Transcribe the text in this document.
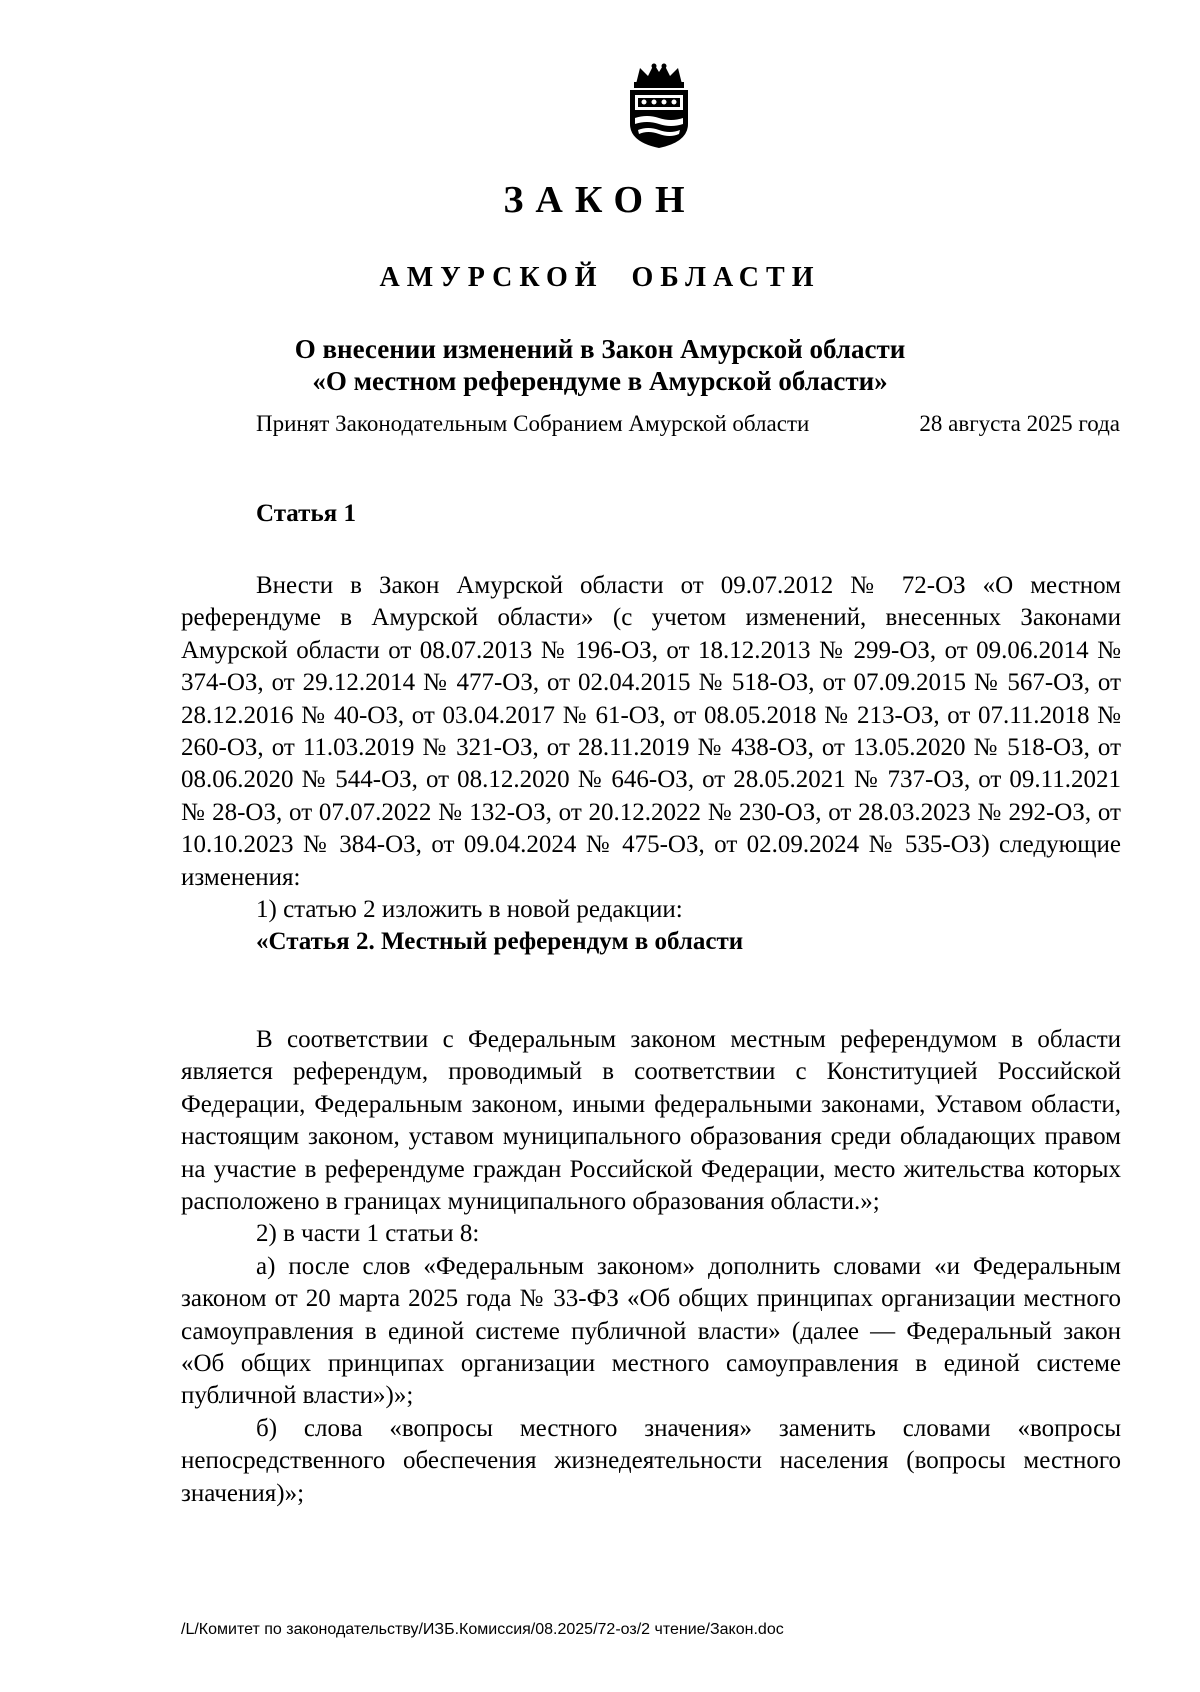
ЗАКОН
АМУРСКОЙ  ОБЛАСТИ
О внесении изменений в Закон Амурской области
«О местном референдуме в Амурской области»
Принят Законодательным Собранием Амурской области	28 августа 2025 года
Статья 1

Внести в Закон Амурской области от 09.07.2012 № 72-ОЗ «О местном референдуме в Амурской области» (с учетом изменений, внесенных Законами Амурской области от 08.07.2013 № 196-ОЗ, от 18.12.2013 № 299-ОЗ, от 09.06.2014 № 374-ОЗ, от 29.12.2014 № 477-ОЗ, от 02.04.2015 № 518-ОЗ, от 07.09.2015 № 567-ОЗ, от 28.12.2016 № 40-ОЗ, от 03.04.2017 № 61-ОЗ, от 08.05.2018 № 213-ОЗ, от 07.11.2018 № 260-ОЗ, от 11.03.2019 № 321-ОЗ, от 28.11.2019 № 438-ОЗ, от 13.05.2020 № 518-ОЗ, от 08.06.2020 № 544-ОЗ, от 08.12.2020 № 646-ОЗ, от 28.05.2021 № 737-ОЗ, от 09.11.2021 № 28-ОЗ, от 07.07.2022 № 132-ОЗ, от 20.12.2022 № 230-ОЗ, от 28.03.2023 № 292-ОЗ, от 10.10.2023 № 384-ОЗ, от 09.04.2024 № 475-ОЗ, от 02.09.2024 № 535-ОЗ) следующие изменения:

1) статью 2 изложить в новой редакции:

«Статья 2. Местный референдум в области

В соответствии с Федеральным законом местным референдумом в области является референдум, проводимый в соответствии с Конституцией Российской Федерации, Федеральным законом, иными федеральными законами, Уставом области, настоящим законом, уставом муниципального образования среди обладающих правом на участие в референдуме граждан Российской Федерации, место жительства которых расположено в границах муниципального образования области.»;

2) в части 1 статьи 8:

а) после слов «Федеральным законом» дополнить словами «и Федеральным законом от 20 марта 2025 года № 33-ФЗ «Об общих принципах организации местного самоуправления в единой системе публичной власти» (далее — Федеральный закон «Об общих принципах организации местного самоуправления в единой системе публичной власти»)»;

б) слова «вопросы местного значения» заменить словами «вопросы непосредственного обеспечения жизнедеятельности населения (вопросы местного значения)»;

/L/Комитет по законодательству/ИЗБ.Комиссия/08.2025/72-оз/2 чтение/Закон.doc
